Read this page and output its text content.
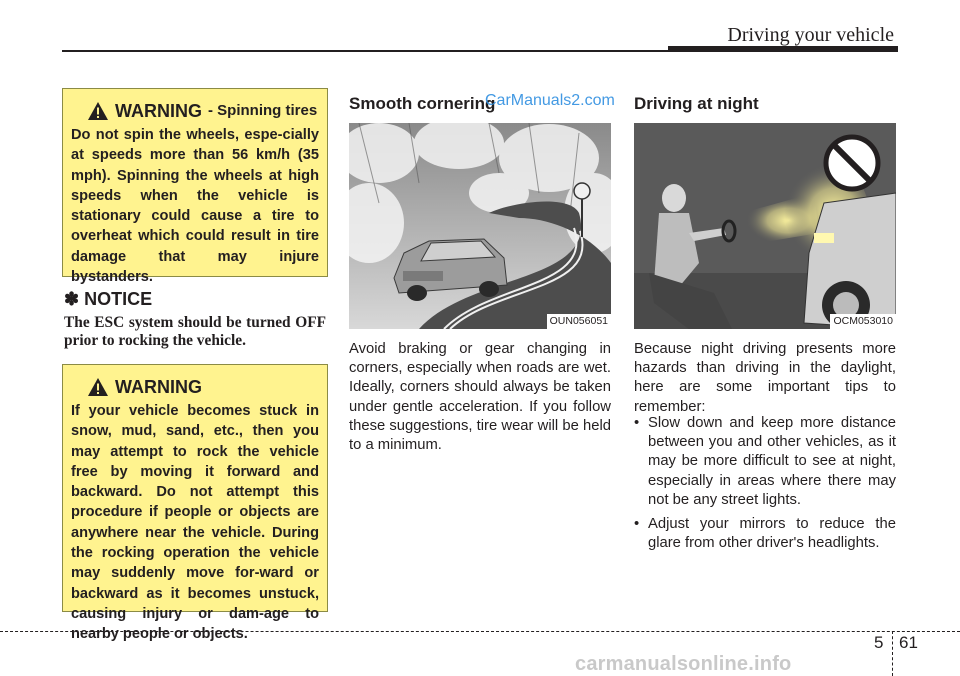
Driving your vehicle
WARNING - Spinning tires
Do not spin the wheels, espe-cially at speeds more than 56 km/h (35 mph). Spinning the wheels at high speeds when the vehicle is stationary could cause a tire to overheat which could result in tire damage that may injure bystanders.
✽ NOTICE
The ESC system should be turned OFF prior to rocking the vehicle.
WARNING
If your vehicle becomes stuck in snow, mud, sand, etc., then you may attempt to rock the vehicle free by moving it forward and backward. Do not attempt this procedure if people or objects are anywhere near the vehicle. During the rocking operation the vehicle may suddenly move for-ward or backward as it becomes unstuck, causing injury or dam-age to nearby people or objects.
Smooth cornering
CarManuals2.com
OUN056051
Avoid braking or gear changing in corners, especially when roads are wet. Ideally, corners should always be taken under gentle acceleration. If you follow these suggestions, tire wear will be held to a minimum.
Driving at night
OCM053010
Because night driving presents more hazards than driving in the daylight, here are some important tips to remember:
• Slow down and keep more distance between you and other vehicles, as it may be more difficult to see at night, especially in areas where there may not be any street lights.
• Adjust your mirrors to reduce the glare from other driver's headlights.
5 61
carmanualsonline.info
